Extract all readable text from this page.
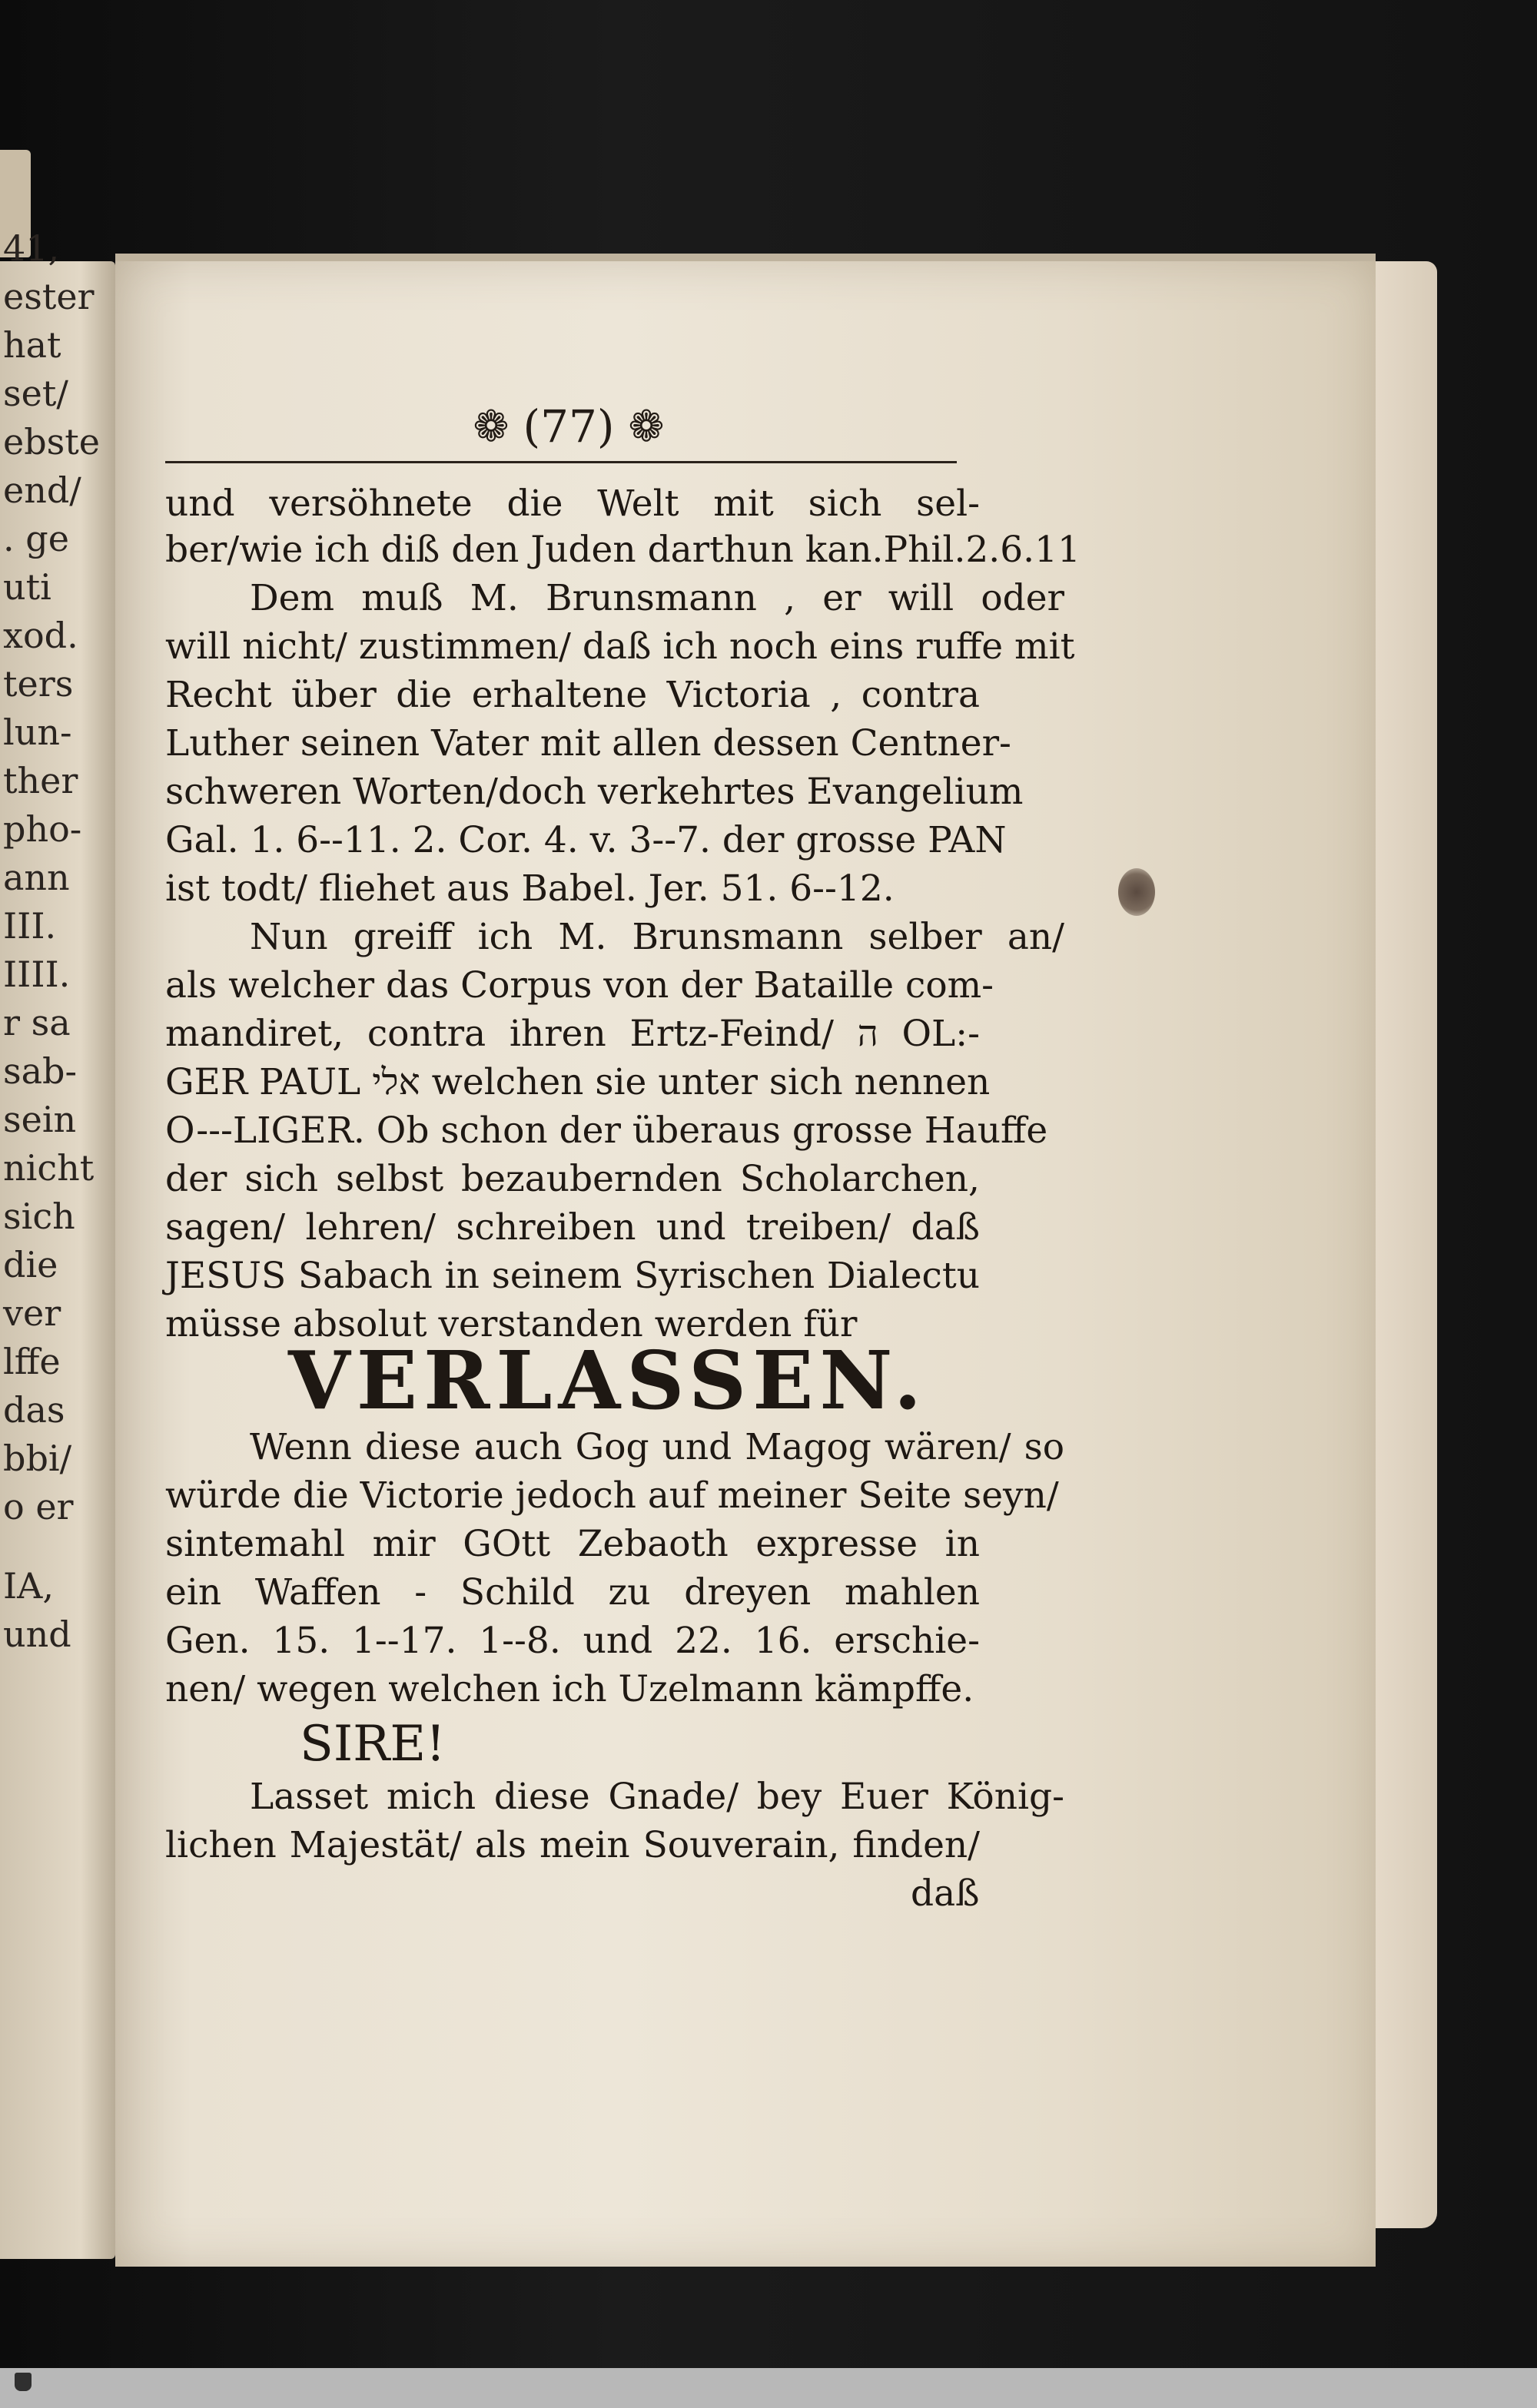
41,
ester
hat
set/
ebste
end/
. ge
uti
xod.
ters
lun-
ther
pho-
ann
III.
IIII.
r sa
sab-
sein
nicht
sich
die
ver
lffe
das
bbi/
o er
IA,
und
❁ (77) ❁
und versöhnete die Welt mit sich sel-
ber/wie ich diß den Juden darthun kan.Phil.2.6.11
Dem muß M. Brunsmann , er will oder
will nicht/ zustimmen/ daß ich noch eins ruffe mit
Recht über die erhaltene Victoria , contra
Luther seinen Vater mit allen dessen Centner-
schweren Worten/doch verkehrtes Evangelium
Gal. 1. 6--11. 2. Cor. 4. v. 3--7. der grosse PAN
ist todt/ fliehet aus Babel. Jer. 51. 6--12.
Nun greiff ich M. Brunsmann selber an/
als welcher das Corpus von der Bataille com-
mandiret, contra ihren Ertz-Feind/ ה OL:-
GER PAUL אלי welchen sie unter sich nennen
O---LIGER. Ob schon der überaus grosse Hauffe
der sich selbst bezaubernden Scholarchen,
sagen/ lehren/ schreiben und treiben/ daß
JESUS Sabach in seinem Syrischen Dialectu
müsse absolut verstanden werden für
VERLASSEN.
Wenn diese auch Gog und Magog wären/ so
würde die Victorie jedoch auf meiner Seite seyn/
sintemahl mir GOtt Zebaoth expresse in
ein Waffen - Schild zu dreyen mahlen
Gen. 15. 1--17. 1--8. und 22. 16. erschie-
nen/ wegen welchen ich Uzelmann kämpffe.
SIRE!
Lasset mich diese Gnade/ bey Euer König-
lichen Majestät/ als mein Souverain, finden/
daß
